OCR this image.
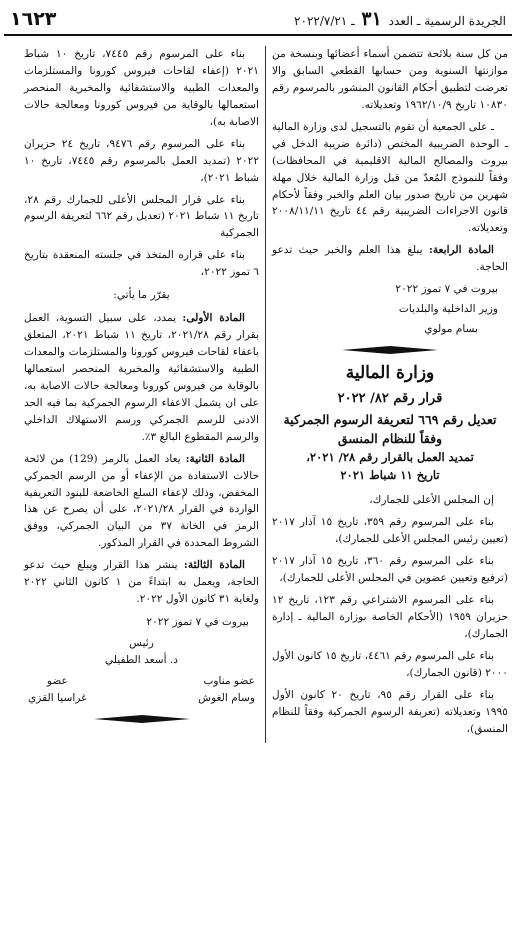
الجريدة الرسمية ـ العدد ٣١ ـ ٢٠٢٢/٧/٢١
١٦٢٣

من كل سنة بلائحة تتضمن أسماء أعضائها وبنسخة من موازنتها السنوية ومن حسابها القطعي السابق والا تعرضت لتطبيق أحكام القانون المنشور بالمرسوم رقم ١٠٨٣٠ تاريخ ١٩٦٢/١٠/٩ وتعديلاته.

ـ على الجمعية أن تقوم بالتسجيل لدى وزارة المالية ـ الوحدة الضريبية المختص (دائرة ضريبة الدخل في بيروت والمصالح المالية الاقليمية في المحافظات) وفقاً للنموذج المُعدّ من قبل وزارة المالية خلال مهلة شهرين من تاريخ صدور بيان العلم والخبر وفقاً لأحكام قانون الاجراءات الضريبية رقم ٤٤ تاريخ ٢٠٠٨/١١/١١ وتعديلاته.

المادة الرابعة: يبلغ هذا العلم والخبر حيث تدعو الحاجة.

بيروت في ٧ تموز ٢٠٢٢

وزير الداخلية والبلديات

بسام مولوي

وزارة المالية

قرار رقم ٨٢/ ٢٠٢٢

تعديل رقم ٦٦٩ لتعريفة الرسوم الجمركية

وفقاً للنظام المنسق

تمديد العمل بالقرار رقم ٢٨/ ٢٠٢١،

تاريخ ١١ شباط ٢٠٢١

إن المجلس الأعلى للجمارك،

بناء على المرسوم رقم ٣٥٩، تاريخ ١٥ آذار ٢٠١٧ (تعيين رئيس المجلس الأعلى للجمارك)،

بناء على المرسوم رقم ٣٦٠، تاريخ ١٥ آذار ٢٠١٧ (ترفيع وتعيين عضوين في المجلس الأعلى للجمارك)،

بناء على المرسوم الاشتراعي رقم ١٢٣، تاريخ ١٢ حزيران ١٩٥٩ (الأحكام الخاصة بوزارة المالية ـ إدارة الجمارك)،

بناء على المرسوم رقم ٤٤٦١، تاريخ ١٥ كانون الأول ٢٠٠٠ (قانون الجمارك)،

بناء على القرار رقم ٩٥، تاريخ ٢٠ كانون الأول ١٩٩٥ وتعديلاته (تعريفة الرسوم الجمركية وفقاً للنظام المنسق)،

بناء على المرسوم رقم ٧٤٤٥، تاريخ ١٠ شباط ٢٠٢١ (إعفاء لقاحات فيروس كورونا والمستلزمات والمعدات الطبية والاستشفائية والمخبرية المنحصر استعمالها بالوقاية من فيروس كورونا ومعالجة حالات الاصابة به)،

بناء على المرسوم رقم ٩٤٧٦، تاريخ ٢٤ حزيران ٢٠٢٢ (تمديد العمل بالمرسوم رقم ٧٤٤٥، تاريخ ١٠ شباط ٢٠٢١)،

بناء على قرار المجلس الأعلى للجمارك رقم ٢٨، تاريخ ١١ شباط ٢٠٢١ (تعديل رقم ٦٦٢ لتعريفة الرسوم الجمركية

بناء على قراره المتخذ في جلسته المنعقدة بتاريخ ٦ تموز ٢٠٢٢،

يقرّر ما يأتي:

المادة الأولى: يمدد، على سبيل التسوية، العمل بقرار رقم ٢٠٢١/٢٨، تاريخ ١١ شباط ٢٠٢١، المتعلق باعفاء لقاحات فيروس كورونا والمستلزمات والمعدات الطبية والاستشفائية والمخبرية المنحصر استعمالها بالوقاية من فيروس كورونا ومعالجة حالات الاصابة به، على ان يشمل الاعفاء الرسوم الجمركية بما فيه الحد الادنى للرسم الجمركي ورسم الاستهلاك الداخلي والرسم المقطوع البالغ ٣٪.

المادة الثانية: يعاد العمل بالرمز (129) من لائحة حالات الاستفادة من الإعفاء أو من الرسم الجمركي المخفض، وذلك لإعفاء السلع الخاضعة للبنود التعريفية الواردة في القرار ٢٠٢١/٢٨، على أن يصرح عن هذا الرمز في الخانة ٣٧ من البيان الجمركي، ووفق الشروط المحددة في القرار المذكور.

المادة الثالثة: ينشر هذا القرار ويبلغ حيث تدعو الحاجة، ويعمل به ابتداءً من ١ كانون الثاني ٢٠٢٢ ولغاية ٣١ كانون الأول ٢٠٢٢.

بيروت في ٧ تموز ٢٠٢٢

رئيس

د. أسعد الطفيلي

عضو مناوب
وسام الغوش
عضو
غراسيا القزي
